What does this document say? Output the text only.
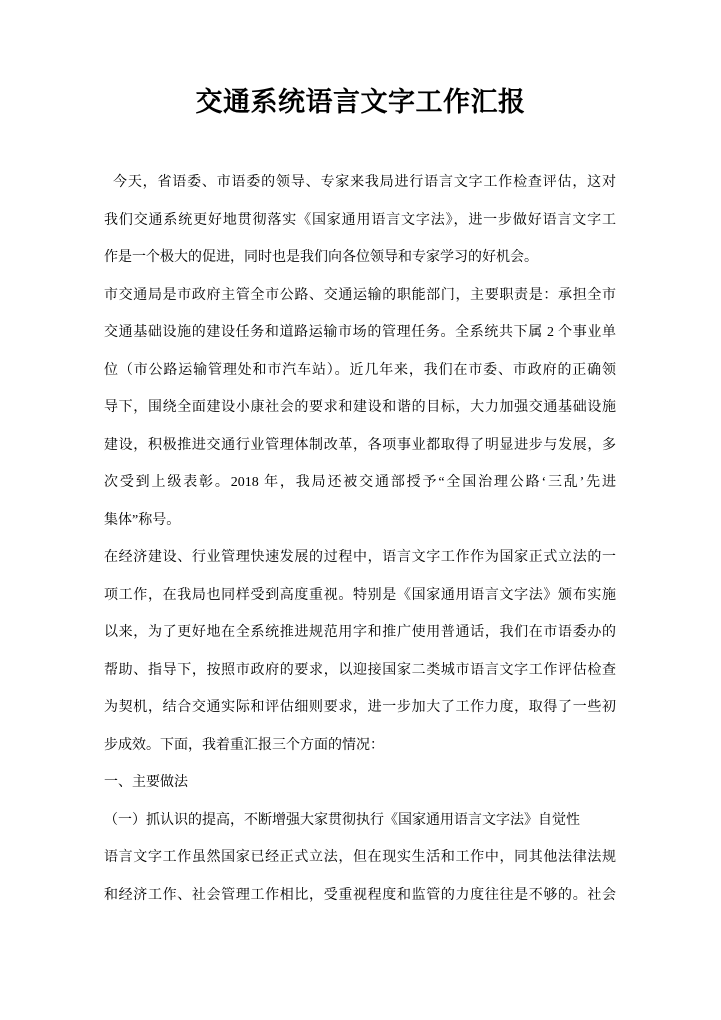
交通系统语言文字工作汇报
今天，省语委、市语委的领导、专家来我局进行语言文字工作检查评估，这对
我们交通系统更好地贯彻落实《国家通用语言文字法》，进一步做好语言文字工
作是一个极大的促进，同时也是我们向各位领导和专家学习的好机会。
市交通局是市政府主管全市公路、交通运输的职能部门，主要职责是：承担全市
交通基础设施的建设任务和道路运输市场的管理任务。全系统共下属 2 个事业单
位（市公路运输管理处和市汽车站）。近几年来，我们在市委、市政府的正确领
导下，围绕全面建设小康社会的要求和建设和谐的目标，大力加强交通基础设施
建设，积极推进交通行业管理体制改革，各项事业都取得了明显进步与发展，多
次受到上级表彰。2018 年，我局还被交通部授予“全国治理公路‘三乱’先进
集体”称号。
在经济建设、行业管理快速发展的过程中，语言文字工作作为国家正式立法的一
项工作，在我局也同样受到高度重视。特别是《国家通用语言文字法》颁布实施
以来，为了更好地在全系统推进规范用字和推广使用普通话，我们在市语委办的
帮助、指导下，按照市政府的要求，以迎接国家二类城市语言文字工作评估检查
为契机，结合交通实际和评估细则要求，进一步加大了工作力度，取得了一些初
步成效。下面，我着重汇报三个方面的情况：
一、主要做法
（一）抓认识的提高，不断增强大家贯彻执行《国家通用语言文字法》自觉性
语言文字工作虽然国家已经正式立法，但在现实生活和工作中，同其他法律法规
和经济工作、社会管理工作相比，受重视程度和监管的力度往往是不够的。社会
